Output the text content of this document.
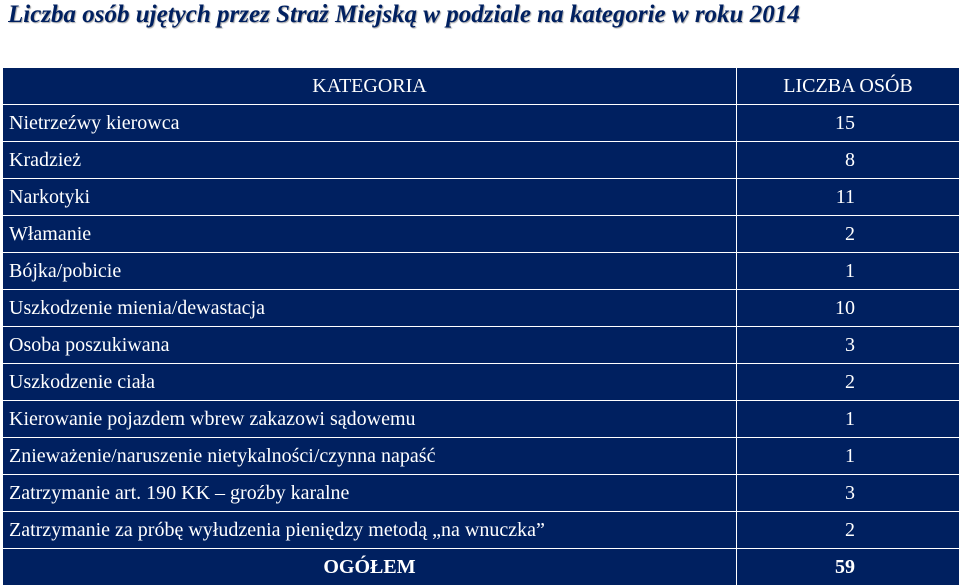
Liczba osób ujętych przez Straż Miejską w podziale na kategorie w roku 2014
KATEGORIA	LICZBA OSÓB
Nietrzeźwy kierowca	15
Kradzież	8
Narkotyki	11
Włamanie	2
Bójka/pobicie	1
Uszkodzenie mienia/dewastacja	10
Osoba poszukiwana	3
Uszkodzenie ciała	2
Kierowanie pojazdem wbrew zakazowi sądowemu	1
Znieważenie/naruszenie nietykalności/czynna napaść	1
Zatrzymanie art. 190 KK – groźby karalne	3
Zatrzymanie za próbę wyłudzenia pieniędzy metodą „na wnuczka”	2
OGÓŁEM	59
